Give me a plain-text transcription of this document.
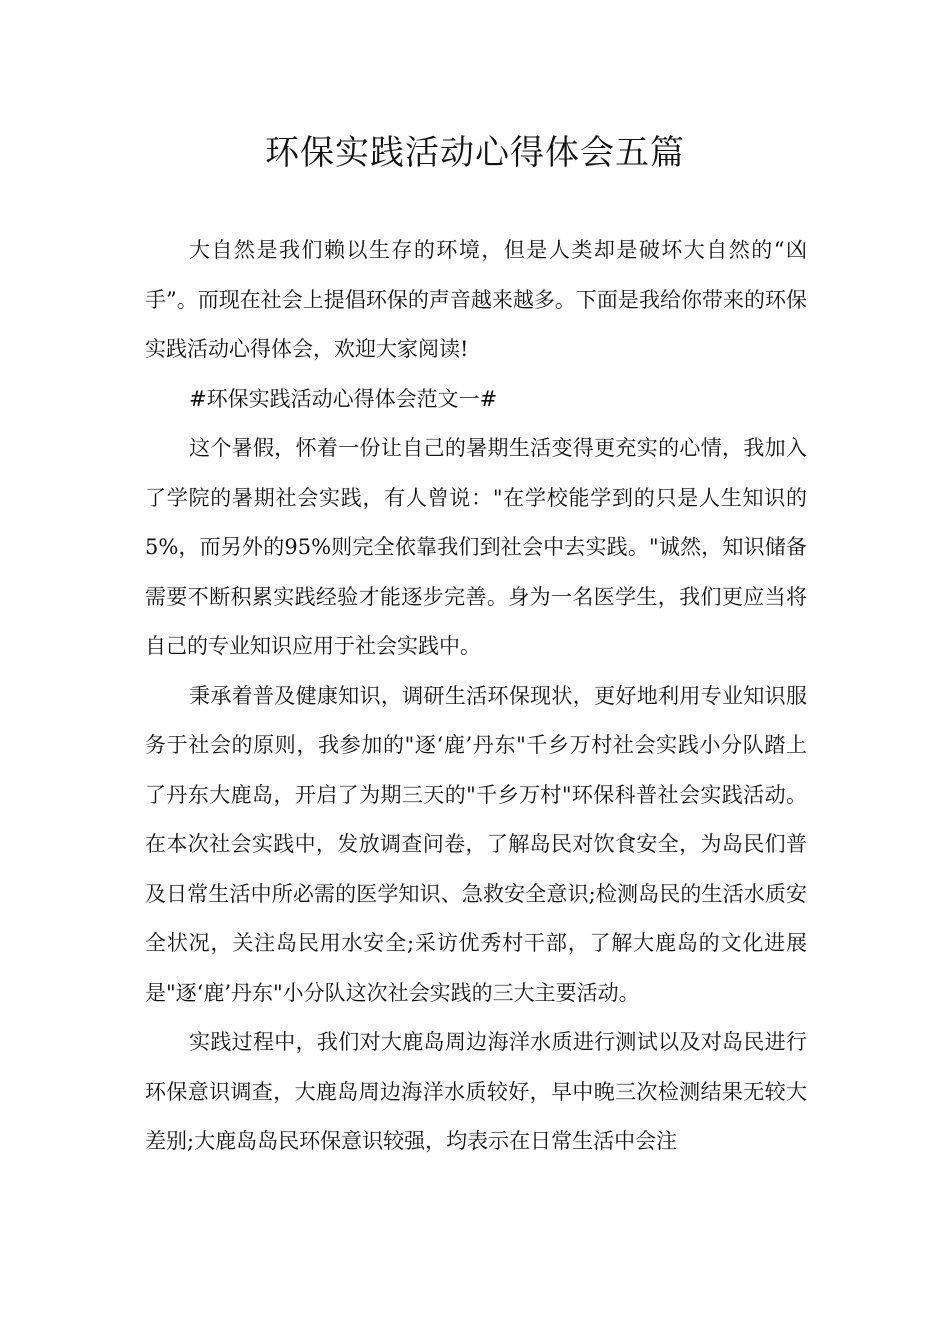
环保实践活动心得体会五篇

大自然是我们赖以生存的环境，但是人类却是破坏大自然的“凶手”。而现在社会上提倡环保的声音越来越多。下面是我给你带来的环保实践活动心得体会，欢迎大家阅读!

#环保实践活动心得体会范文一#

这个暑假，怀着一份让自己的暑期生活变得更充实的心情，我加入了学院的暑期社会实践，有人曾说："在学校能学到的只是人生知识的5%，而另外的95%则完全依靠我们到社会中去实践。"诚然，知识储备需要不断积累实践经验才能逐步完善。身为一名医学生，我们更应当将自己的专业知识应用于社会实践中。

秉承着普及健康知识，调研生活环保现状，更好地利用专业知识服务于社会的原则，我参加的"逐‘鹿’丹东"千乡万村社会实践小分队踏上了丹东大鹿岛，开启了为期三天的"千乡万村"环保科普社会实践活动。在本次社会实践中，发放调查问卷，了解岛民对饮食安全，为岛民们普及日常生活中所必需的医学知识、急救安全意识;检测岛民的生活水质安全状况，关注岛民用水安全;采访优秀村干部，了解大鹿岛的文化进展是"逐‘鹿’丹东"小分队这次社会实践的三大主要活动。

实践过程中，我们对大鹿岛周边海洋水质进行测试以及对岛民进行环保意识调查，大鹿岛周边海洋水质较好，早中晚三次检测结果无较大差别;大鹿岛岛民环保意识较强，均表示在日常生活中会注
